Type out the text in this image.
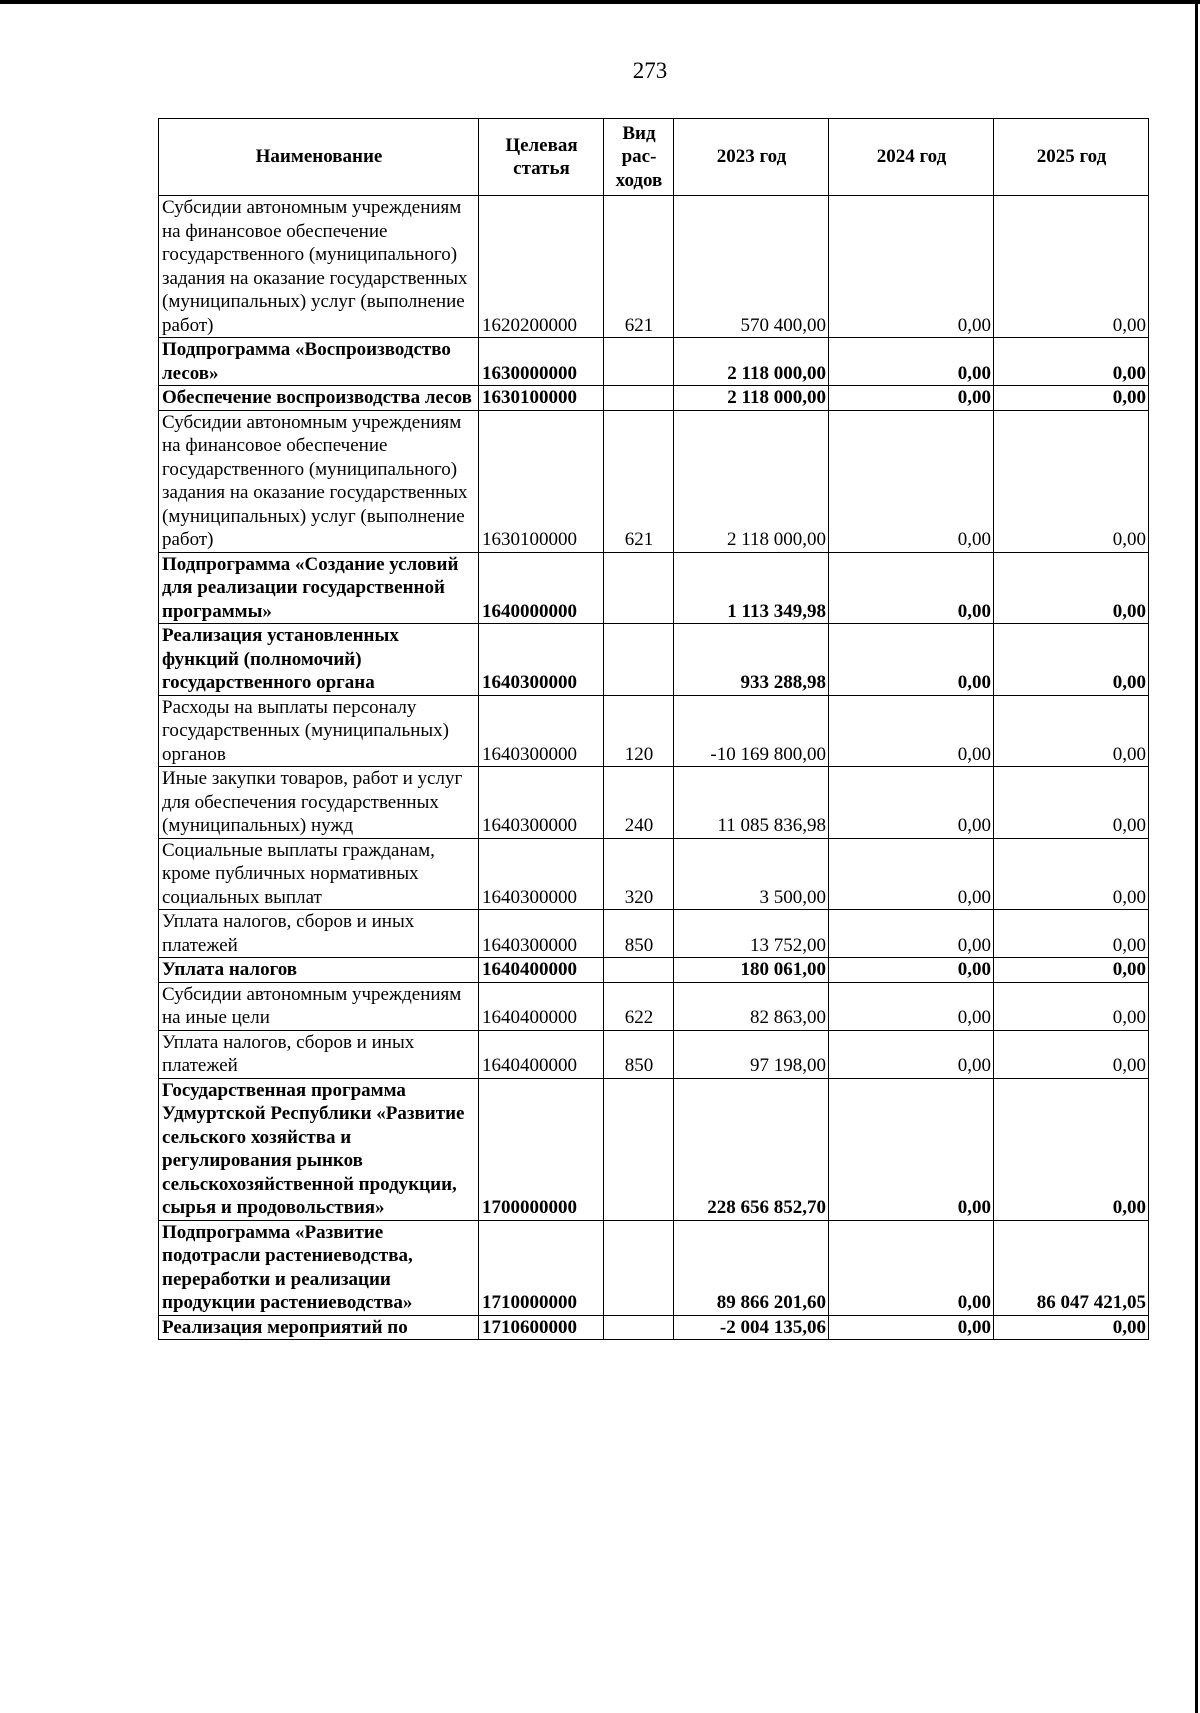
273
Наименование	Целевая статья	Вид рас-ходов	2023 год	2024 год	2025 год
Субсидии автономным учреждениям на финансовое обеспечение государственного (муниципального) задания на оказание государственных (муниципальных) услуг (выполнение работ)	1620200000	621	570 400,00	0,00	0,00
Подпрограмма «Воспроизводство лесов»	1630000000		2 118 000,00	0,00	0,00
Обеспечение воспроизводства лесов	1630100000		2 118 000,00	0,00	0,00
Субсидии автономным учреждениям на финансовое обеспечение государственного (муниципального) задания на оказание государственных (муниципальных) услуг (выполнение работ)	1630100000	621	2 118 000,00	0,00	0,00
Подпрограмма «Создание условий для реализации государственной программы»	1640000000		1 113 349,98	0,00	0,00
Реализация установленных функций (полномочий) государственного органа	1640300000		933 288,98	0,00	0,00
Расходы на выплаты персоналу государственных (муниципальных) органов	1640300000	120	-10 169 800,00	0,00	0,00
Иные закупки товаров, работ и услуг для обеспечения государственных (муниципальных) нужд	1640300000	240	11 085 836,98	0,00	0,00
Социальные выплаты гражданам, кроме публичных нормативных социальных выплат	1640300000	320	3 500,00	0,00	0,00
Уплата налогов, сборов и иных платежей	1640300000	850	13 752,00	0,00	0,00
Уплата налогов	1640400000		180 061,00	0,00	0,00
Субсидии автономным учреждениям на иные цели	1640400000	622	82 863,00	0,00	0,00
Уплата налогов, сборов и иных платежей	1640400000	850	97 198,00	0,00	0,00
Государственная программа Удмуртской Республики «Развитие сельского хозяйства и регулирования рынков сельскохозяйственной продукции, сырья и продовольствия»	1700000000		228 656 852,70	0,00	0,00
Подпрограмма «Развитие подотрасли растениеводства, переработки и реализации продукции растениеводства»	1710000000		89 866 201,60	0,00	86 047 421,05
Реализация мероприятий по	1710600000		-2 004 135,06	0,00	0,00
